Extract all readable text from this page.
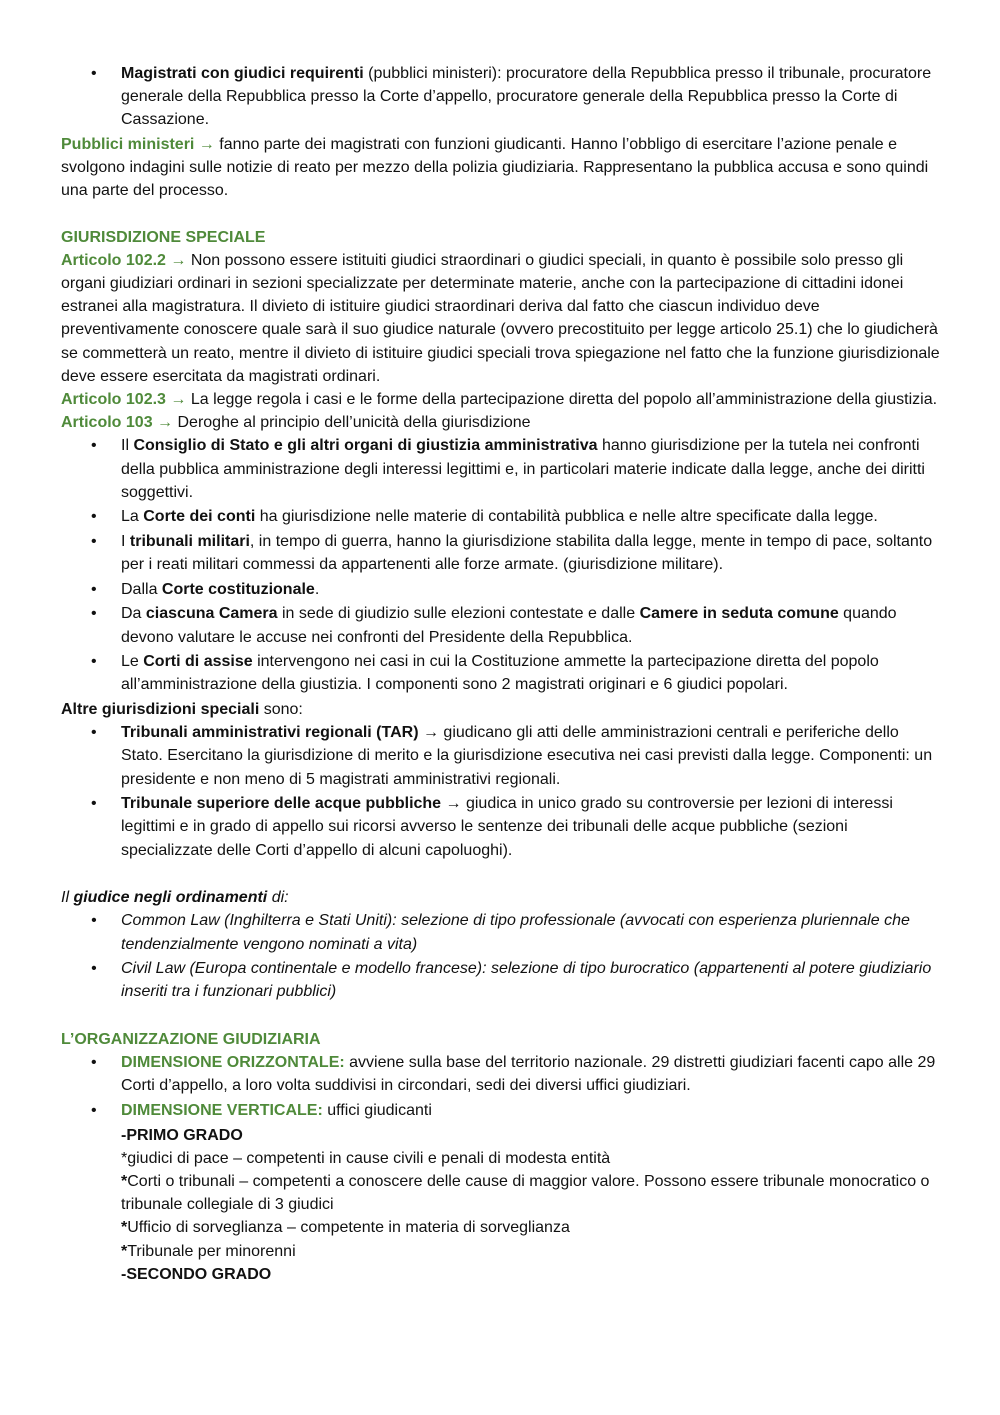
• Magistrati con giudici requirenti (pubblici ministeri): procuratore della Repubblica presso il tribunale, procuratore generale della Repubblica presso la Corte d’appello, procuratore generale della Repubblica presso la Corte di Cassazione.

Pubblici ministeri → fanno parte dei magistrati con funzioni giudicanti. Hanno l’obbligo di esercitare l’azione penale e svolgono indagini sulle notizie di reato per mezzo della polizia giudiziaria. Rappresentano la pubblica accusa e sono quindi una parte del processo.

GIURISDIZIONE SPECIALE

Articolo 102.2 → Non possono essere istituiti giudici straordinari o giudici speciali, in quanto è possibile solo presso gli organi giudiziari ordinari in sezioni specializzate per determinate materie, anche con la partecipazione di cittadini idonei estranei alla magistratura. Il divieto di istituire giudici straordinari deriva dal fatto che ciascun individuo deve preventivamente conoscere quale sarà il suo giudice naturale (ovvero precostituito per legge articolo 25.1) che lo giudicherà se commetterà un reato, mentre il divieto di istituire giudici speciali trova spiegazione nel fatto che la funzione giurisdizionale deve essere esercitata da magistrati ordinari.

Articolo 102.3 → La legge regola i casi e le forme della partecipazione diretta del popolo all’amministrazione della giustizia.

Articolo 103 → Deroghe al principio dell’unicità della giurisdizione

• Il Consiglio di Stato e gli altri organi di giustizia amministrativa hanno giurisdizione per la tutela nei confronti della pubblica amministrazione degli interessi legittimi e, in particolari materie indicate dalla legge, anche dei diritti soggettivi.
• La Corte dei conti ha giurisdizione nelle materie di contabilità pubblica e nelle altre specificate dalla legge.
• I tribunali militari, in tempo di guerra, hanno la giurisdizione stabilita dalla legge, mente in tempo di pace, soltanto per i reati militari commessi da appartenenti alle forze armate. (giurisdizione militare).
• Dalla Corte costituzionale.
• Da ciascuna Camera in sede di giudizio sulle elezioni contestate e dalle Camere in seduta comune quando devono valutare le accuse nei confronti del Presidente della Repubblica.
• Le Corti di assise intervengono nei casi in cui la Costituzione ammette la partecipazione diretta del popolo all’amministrazione della giustizia. I componenti sono 2 magistrati originari e 6 giudici popolari.

Altre giurisdizioni speciali sono:

• Tribunali amministrativi regionali (TAR) → giudicano gli atti delle amministrazioni centrali e periferiche dello Stato. Esercitano la giurisdizione di merito e la giurisdizione esecutiva nei casi previsti dalla legge. Componenti: un presidente e non meno di 5 magistrati amministrativi regionali.
• Tribunale superiore delle acque pubbliche → giudica in unico grado su controversie per lezioni di interessi legittimi e in grado di appello sui ricorsi avverso le sentenze dei tribunali delle acque pubbliche (sezioni specializzate delle Corti d’appello di alcuni capoluoghi).

Il giudice negli ordinamenti di:

• Common Law (Inghilterra e Stati Uniti): selezione di tipo professionale (avvocati con esperienza pluriennale che tendenzialmente vengono nominati a vita)
• Civil Law (Europa continentale e modello francese): selezione di tipo burocratico (appartenenti al potere giudiziario inseriti tra i funzionari pubblici)

L’ORGANIZZAZIONE GIUDIZIARIA

• DIMENSIONE ORIZZONTALE: avviene sulla base del territorio nazionale. 29 distretti giudiziari facenti capo alle 29 Corti d’appello, a loro volta suddivisi in circondari, sedi dei diversi uffici giudiziari.
• DIMENSIONE VERTICALE: uffici giudicanti

-PRIMO GRADO

*giudici di pace – competenti in cause civili e penali di modesta entità

*Corti o tribunali – competenti a conoscere delle cause di maggior valore. Possono essere tribunale monocratico o tribunale collegiale di 3 giudici

*Ufficio di sorveglianza – competente in materia di sorveglianza

*Tribunale per minorenni

-SECONDO GRADO
